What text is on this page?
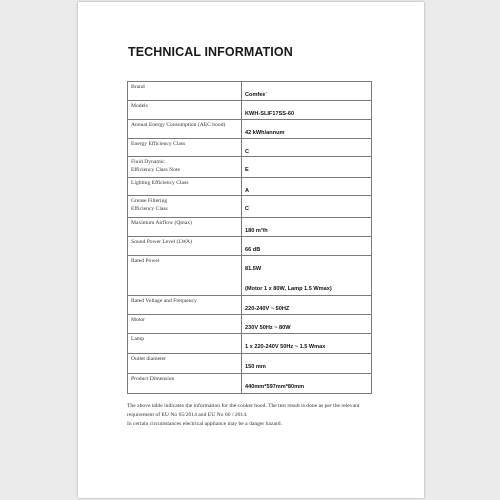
TECHNICAL INFORMATION
Brand	Comfee`

Models	KWH-SLIF17SS-60

Annual Energy Consumption (AEC hood)	42 kWh/annum

Energy Efficiency Class	C

Fluid Dynamic
Efficiency Class Note	E

Lighting Efficiency Class	A

Grease Filtering
Efficiency Class	C

Maximum Airflow (Qmax)	180 m³/h

Sound Power Level (LWA)	66 dB

Rated Power	81.5W
(Motor 1 x 80W, Lamp 1.5 Wmax)

Rated Voltage and Frequency	220-240V ~ 50HZ

Motor	230V 50Hz ~ 80W

Lamp	1 x 220-240V 50Hz ~ 1.5 Wmax

Outlet diameter	150 mm

Product Dimension	440mm*597mm*80mm

The above table indicates the information for the cooker hood. The test result is done as per the relevant requirement of EU No 65/2014 and EU No 66 / 2014.

In certain circumstances electrical appliance may be a danger hazard.
